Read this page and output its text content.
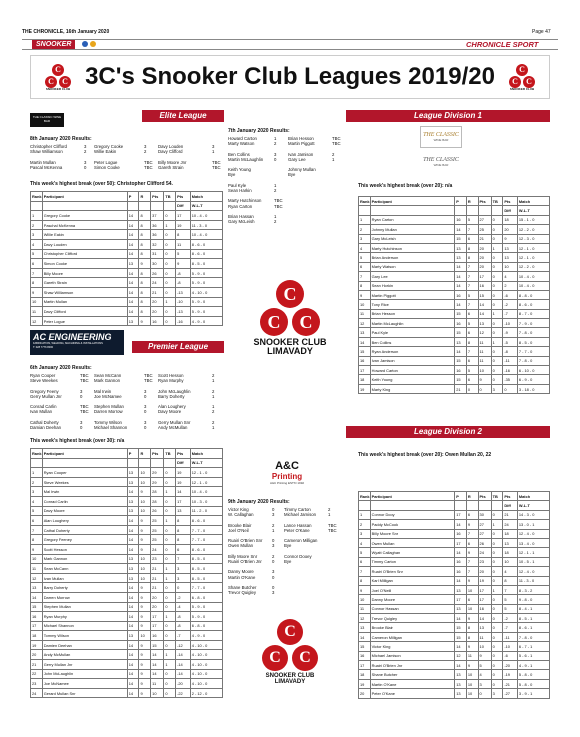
THE CHRONICLE, 16th January 2020	Page 47
SNOOKER	CHRONICLE SPORT
C
C	C
SNOOKER CLUB
C
C	C
SNOOKER CLUB
3C's Snooker Club Leagues 2019/20
THE CLASSIC WINE BAR
Elite League
8th January 2020 Results:
Christopher Clifford	3 Gregory Cooke	3	Davy Louden	3
Shaw Williamson	2 Willie Eakin	2	Davy Clifford	1
Martin Mullan	3 Peter Logue	TBC Billy Moore Jnr	TBC
Pascal McKenna	0 Simon Cooke	TBC Gareth Strain	TBC
This week's highest break (over 50): Christopher Clifford 54.
Rank	Participant	P	R	Pts	TB	Pts	Match
						Diff	W-L-T
1	Gregory Cooke	14	8	37	0	17	10 - 4 - 0
2	Paschal McKenna	14	8	36	1	19	11 - 3 - 0
3	Willie Eakin	14	8	36	0	8	10 - 4 - 0
4	Davy Louden	14	8	32	0	11	8 - 6 - 0
5	Christopher Clifford	14	8	31	0	5	8 - 6 - 0
6	Simon Cooke	13	9	30	0	9	8 - 5 - 0
7	Billy Moore	14	8	26	0	-8	5 - 9 - 0
8	Gareth Strain	14	8	24	0	-8	5 - 9 - 0
9	Shaw Williamson	14	8	21	0	-13	4 - 10 - 0
10	Martin Mullan	14	8	20	1	-10	5 - 9 - 0
11	Davy Clifford	14	8	20	0	-13	5 - 9 - 0
12	Peter Logue	13	9	16	0	-16	4 - 9 - 0
AC ENGINEERING
FABRICATION, WELDING, MACHINING & INSTALLATIONS
T: 028 7776 8000	Premier League
6th January 2020 Results:
Ryan Cooper	TBC Sean McCann	TBC Scott Hesson	2
Steve Weekes	TBC Mark Gannon	TBC Ryan Murphy	1
Gregory Feeny	3	Mal Irwin	3	John McLaughlin	2
Gerry Mullan Jnr	0	Joe McNamee	0	Barry Doherty	1
Conrad Carlin	TBC Stephen Mullan	3	Alan Loughery	1
Ivan Mullan	TBC Darren Morrow	0	Davy Moore	2
Cathal Doherty	3	Tommy Wilson	3	Gerry Mullan Snr	2
Damian Deehan	0	Michael Shannon	0	Andy McMullan	1
This week's highest break (over 30): n/a
Rank	Participant	P	R	Pts	TB	Pts	Match
						Diff	W-L-T
1	Ryan Cooper	13	10	29	0	19	12 - 1 - 0
2	Steve Weekes	13	10	29	0	19	12 - 1 - 0
3	Mal Irwin	14	9	28	1	14	10 - 4 - 0
4	Conrad Carlin	13	10	28	0	17	10 - 3 - 0
5	Davy Moore	13	10	26	0	13	11 - 2 - 0
6	Alan Loughery	14	9	25	1	8	8 - 6 - 0
7	Cathal Doherty	14	9	25	0	8	7 - 7 - 0
8	Gregory Feeney	14	9	25	0	8	7 - 7 - 0
9	Scott Hesson	14	9	24	0	6	8 - 6 - 0
10	Mark Gannon	13	10	23	0	7	8 - 5 - 0
11	Sean McCann	13	10	21	1	3	8 - 5 - 0
12	Ivan Mullan	13	10	21	1	3	8 - 5 - 0
13	Barry Doherty	14	9	21	0	0	7 - 7 - 0
14	Darren Morrow	14	9	20	0	-2	6 - 8 - 0
15	Stephen Mullan	14	9	20	0	-4	5 - 9 - 0
16	Ryan Murphy	14	9	17	1	-8	5 - 9 - 0
17	Michael Shannon	14	9	17	0	-8	6 - 8 - 0
18	Tommy Wilson	13	10	16	0	-7	4 - 9 - 0
19	Damien Deehan	14	9	15	0	-12	4 - 10 - 0
20	Andy McMullan	14	9	14	1	-14	4 - 10 - 0
21	Gerry Mullan Jnr	14	9	14	1	-14	4 - 10 - 0
22	John McLaughlin	14	9	14	0	-14	4 - 10 - 0
23	Joe McNamee	14	9	11	0	-20	4 - 10 - 0
24	Gerard Mullan Snr	14	9	10	0	-22	2 - 12 - 0
League Division 1
7th January 2020 Results:
Howard Carton	1	Brian Hesson	TBC
Marty Watson	2	Martin Piggott	TBC
Ben Collins	3	Ivan Jamison	2
Martin McLaughlin	0	Gary Lee	1
Keith Young	Johnny Mullan
Bye	Bye
Paul Kyle	1
Sean Harkin	2
Marty Hutchinson	TBC
Ryan Carton	TBC
Brian Hassan	1
Gary McLeish	2
THE CLASSIC
WINE BAR
THE CLASSIC
WINE BAR
This week's highest break (over 20): n/a
Rank	Participant	P	R	Pts	TB	Pts	Match
						Diff	W-L-T
1	Ryan Carton	16	5	27	0	18	15 - 1 - 0
2	Johnny Mullan	14	7	25	0	20	12 - 2 - 0
3	Gary McLeish	15	6	21	0	9	12 - 3 - 0
4	Marty Hutchinson	13	8	20	1	13	12 - 1 - 0
5	Brian Anderson	13	8	20	0	13	12 - 1 - 0
6	Marty Watson	14	7	20	0	10	12 - 2 - 0
7	Gary Lee	14	7	17	0	4	10 - 4 - 0
8	Sean Horkin	14	7	16	0	2	10 - 4 - 0
9	Martin Piggott	16	5	15	0	-6	8 - 8 - 0
10	Tony Rice	14	7	14	0	-2	8 - 6 - 0
11	Brian Hesson	15	6	14	1	-7	8 - 7 - 0
12	Martin McLaughlin	16	5	13	0	-10	7 - 9 - 0
13	Paul Kyle	15	6	12	0	-9	7 - 8 - 0
14	Ben Collins	13	8	11	1	-5	8 - 5 - 0
15	Ryan Anderson	14	7	11	0	-8	7 - 7 - 0
16	Ivan Jamison	15	6	11	0	-11	7 - 8 - 0
17	Howard Carton	16	5	10	0	-16	6 - 10 - 0
18	Keith Young	15	6	9	0	-35	6 - 9 - 0
19	Marty King	21	0	0	3	0	3 - 18 - 0
C
C	C
SNOOKER CLUB
LIMAVADY
League Division 2
A&C
Printing
A&C Printing EST'D 1992
This week's highest break (over 20): Owen Mullan 20, 22
9th January 2020 Results:
Victor King	0 Timmy Carton	2
W. Callaghan	3 Michael Jamison	1
Brooke Blair	2 Lance Hassan	TBC
Joel O'Neil	1 Peter O'Kane	TBC
Ruairi O'Brien Snr 0 Cameron Milligan
Owen Mullan	3 Bye
Billy Moore Snr	2 Connor Dooey
Ruairi O'Brien Jnr 0 Bye
Danny Moore	3
Martin O'Kane	0
Shane Butcher	0
Trevor Quigley	3
Rank	Participant	P	R	Pts	TB	Pts	Match
						Diff	W-L-T
1	Connor Dooy	17	6	30	0	21	14 - 3 - 0
2	Paddy McCook	14	9	27	1	24	13 - 0 - 1
3	Billy Moore Snr	16	7	27	0	18	12 - 4 - 0
4	Owen Mullan	17	6	26	0	13	13 - 4 - 0
5	Wyatt Callaghan	14	9	24	0	18	12 - 1 - 1
6	Timmy Carton	16	7	23	0	10	10 - 5 - 1
7	Ruairi O'Brien Snr	16	7	20	0	4	12 - 4 - 0
8	Karl Milligan	14	9	19	0	8	11 - 3 - 0
9	Joel O'Neill	13	10	17	1	7	8 - 3 - 2
10	Danny Moore	17	6	17	0	5	9 - 8 - 0
11	Connor Hassan	13	10	16	0	5	8 - 4 - 1
12	Trevor Quigley	14	9	14	0	-2	8 - 5 - 1
13	Brooke Blair	15	8	13	0	-7	8 - 6 - 1
14	Cameron Milligan	15	8	11	0	-11	7 - 8 - 0
15	Victor King	14	9	10	0	-10	6 - 7 - 1
16	Michael Jamison	12	11	9	0	-6	5 - 6 - 1
17	Ruairi O'Brien Jnr	14	9	5	0	-20	4 - 9 - 1
18	Shane Butcher	13	10	4	0	-19	5 - 8 - 0
19	Martin O'Kane	13	10	3	0	-21	5 - 8 - 0
20	Peter O'Kane	13	10	0	3	-27	3 - 9 - 1
C
C	C
SNOOKER CLUB
LIMAVADY
